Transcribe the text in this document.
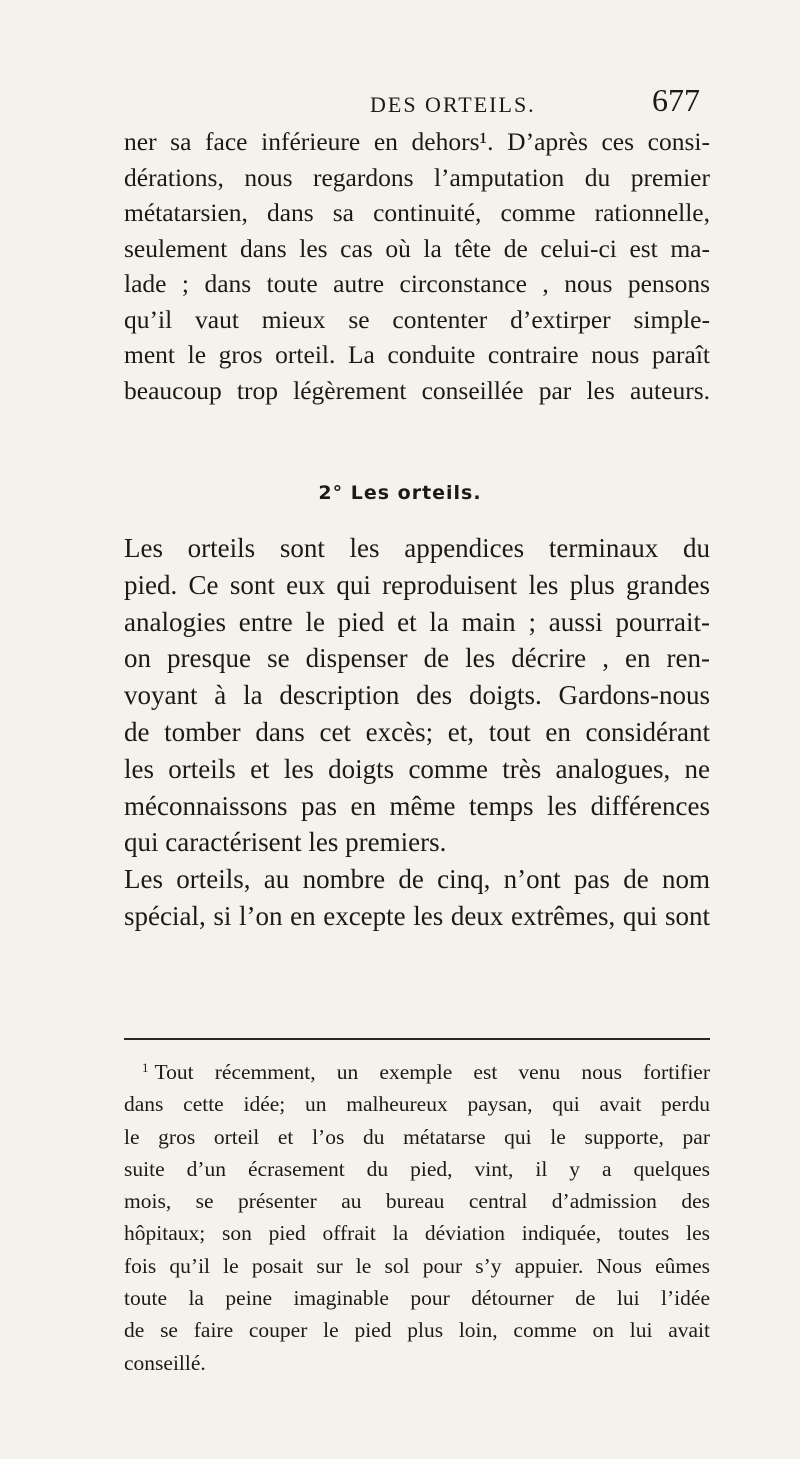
DES ORTEILS.	677
ner sa face inférieure en dehors¹. D’après ces consi-
dérations, nous regardons l’amputation du premier
métatarsien, dans sa continuité, comme rationnelle,
seulement dans les cas où la tête de celui-ci est ma-
lade ; dans toute autre circonstance , nous pensons
qu’il vaut mieux se contenter d’extirper simple-
ment le gros orteil. La conduite contraire nous paraît
beaucoup trop légèrement conseillée par les auteurs.
2° Les orteils.
Les orteils sont les appendices terminaux du
pied. Ce sont eux qui reproduisent les plus grandes
analogies entre le pied et la main ; aussi pourrait-
on presque se dispenser de les décrire , en ren-
voyant à la description des doigts. Gardons-nous
de tomber dans cet excès; et, tout en considérant
les orteils et les doigts comme très analogues, ne
méconnaissons pas en même temps les différences
qui caractérisent les premiers.
Les orteils, au nombre de cinq, n’ont pas de nom
spécial, si l’on en excepte les deux extrêmes, qui sont
$^1$ Tout récemment, un exemple est venu nous fortifier
dans cette idée; un malheureux paysan, qui avait perdu
le gros orteil et l’os du métatarse qui le supporte, par
suite d’un écrasement du pied, vint, il y a quelques
mois, se présenter au bureau central d’admission des
hôpitaux; son pied offrait la déviation indiquée, toutes les
fois qu’il le posait sur le sol pour s’y appuier. Nous eûmes
toute la peine imaginable pour détourner de lui l’idée
de se faire couper le pied plus loin, comme on lui avait
conseillé.
